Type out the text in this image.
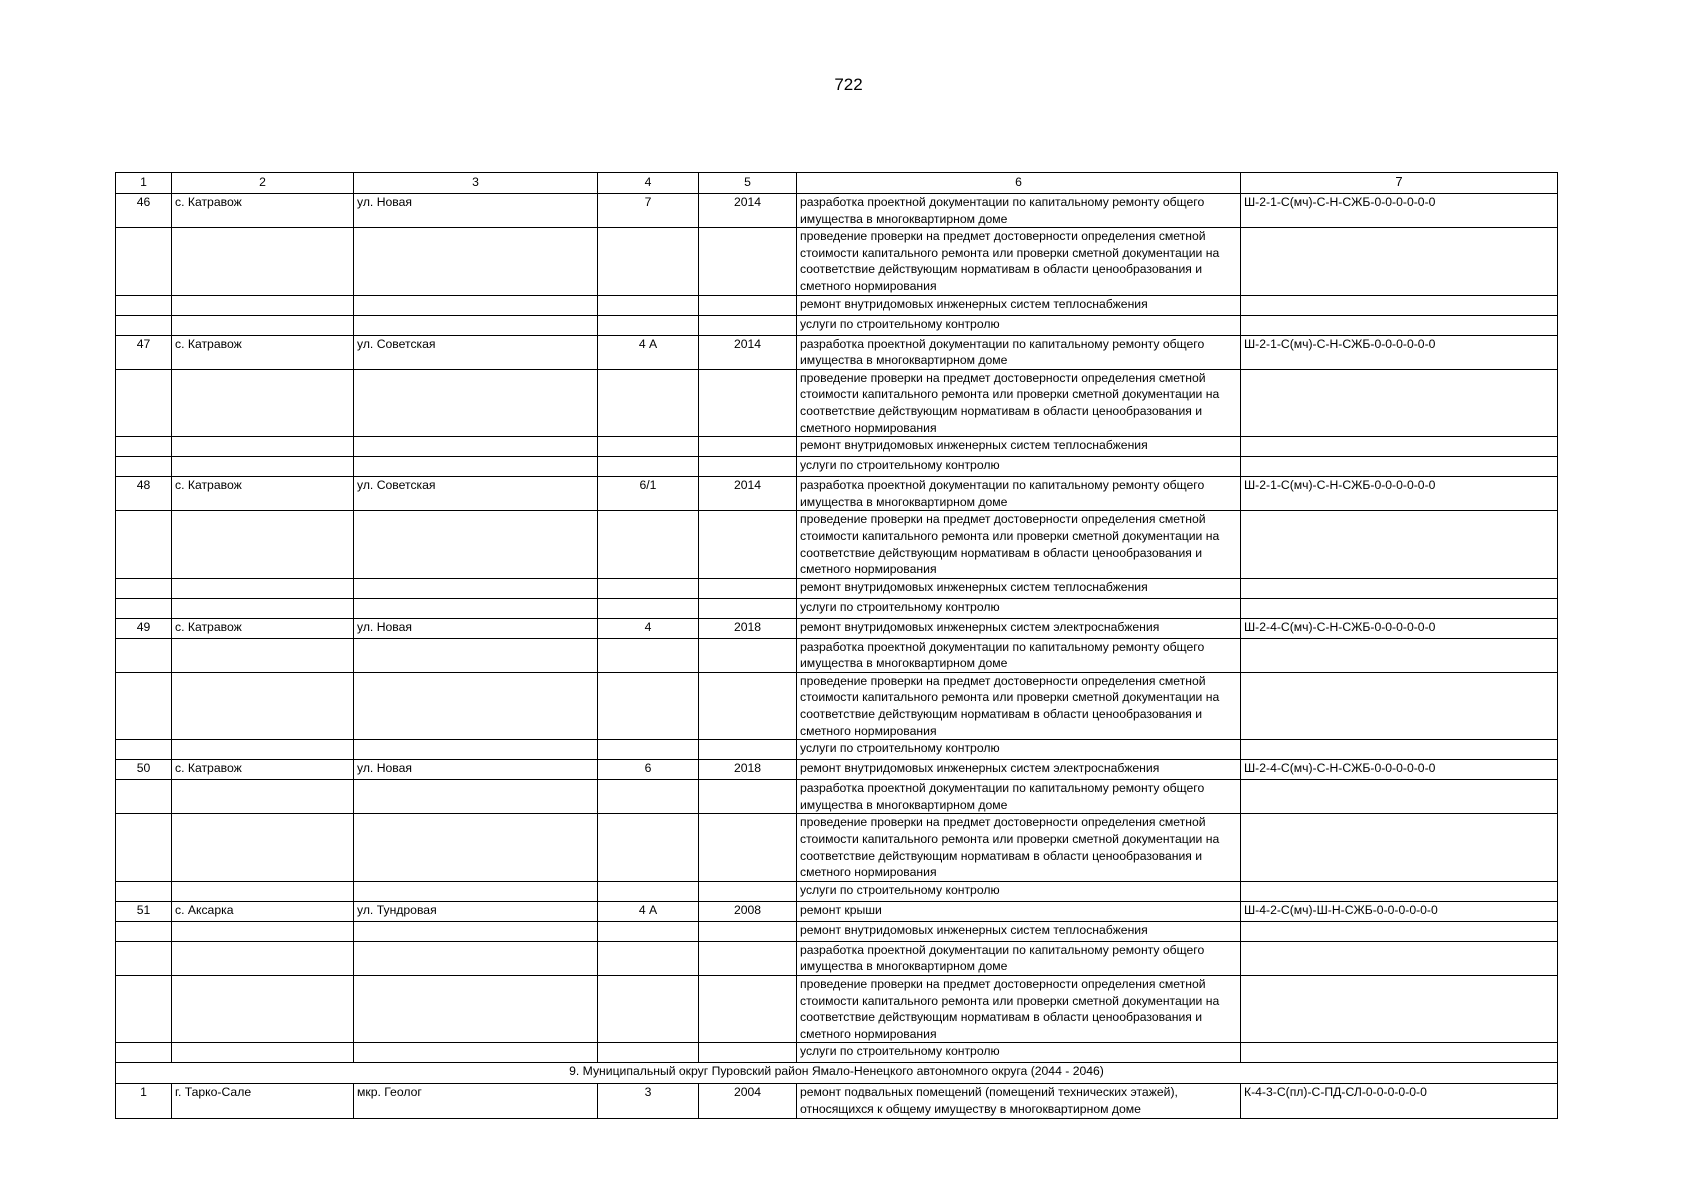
722
1	2	3	4	5	6	7
46	с. Катравож	ул. Новая	7	2014	разработка проектной документации по капитальному ремонту общего имущества в многоквартирном доме	Ш-2-1-С(мч)-С-Н-СЖБ-0-0-0-0-0-0
					проведение проверки на предмет достоверности определения сметной стоимости капитального ремонта или проверки сметной документации на соответствие действующим нормативам в области ценообразования и сметного нормирования	
					ремонт внутридомовых инженерных систем теплоснабжения	
					услуги по строительному контролю	
47	с. Катравож	ул. Советская	4 А	2014	разработка проектной документации по капитальному ремонту общего имущества в многоквартирном доме	Ш-2-1-С(мч)-С-Н-СЖБ-0-0-0-0-0-0
					проведение проверки на предмет достоверности определения сметной стоимости капитального ремонта или проверки сметной документации на соответствие действующим нормативам в области ценообразования и сметного нормирования	
					ремонт внутридомовых инженерных систем теплоснабжения	
					услуги по строительному контролю	
48	с. Катравож	ул. Советская	6/1	2014	разработка проектной документации по капитальному ремонту общего имущества в многоквартирном доме	Ш-2-1-С(мч)-С-Н-СЖБ-0-0-0-0-0-0
					проведение проверки на предмет достоверности определения сметной стоимости капитального ремонта или проверки сметной документации на соответствие действующим нормативам в области ценообразования и сметного нормирования	
					ремонт внутридомовых инженерных систем теплоснабжения	
					услуги по строительному контролю	
49	с. Катравож	ул. Новая	4	2018	ремонт внутридомовых инженерных систем электроснабжения	Ш-2-4-С(мч)-С-Н-СЖБ-0-0-0-0-0-0
					разработка проектной документации по капитальному ремонту общего имущества в многоквартирном доме	
					проведение проверки на предмет достоверности определения сметной стоимости капитального ремонта или проверки сметной документации на соответствие действующим нормативам в области ценообразования и сметного нормирования	
					услуги по строительному контролю	
50	с. Катравож	ул. Новая	6	2018	ремонт внутридомовых инженерных систем электроснабжения	Ш-2-4-С(мч)-С-Н-СЖБ-0-0-0-0-0-0
					разработка проектной документации по капитальному ремонту общего имущества в многоквартирном доме	
					проведение проверки на предмет достоверности определения сметной стоимости капитального ремонта или проверки сметной документации на соответствие действующим нормативам в области ценообразования и сметного нормирования	
					услуги по строительному контролю	
51	с. Аксарка	ул. Тундровая	4 А	2008	ремонт крыши	Ш-4-2-С(мч)-Ш-Н-СЖБ-0-0-0-0-0-0
					ремонт внутридомовых инженерных систем теплоснабжения	
					разработка проектной документации по капитальному ремонту общего имущества в многоквартирном доме	
					проведение проверки на предмет достоверности определения сметной стоимости капитального ремонта или проверки сметной документации на соответствие действующим нормативам в области ценообразования и сметного нормирования	
					услуги по строительному контролю	
9. Муниципальный округ Пуровский район Ямало-Ненецкого автономного округа (2044 - 2046)						
1	г. Тарко-Сале	мкр. Геолог	3	2004	ремонт подвальных помещений (помещений технических этажей), относящихся к общему имуществу в многоквартирном доме	К-4-3-С(пл)-С-ПД-СЛ-0-0-0-0-0-0
